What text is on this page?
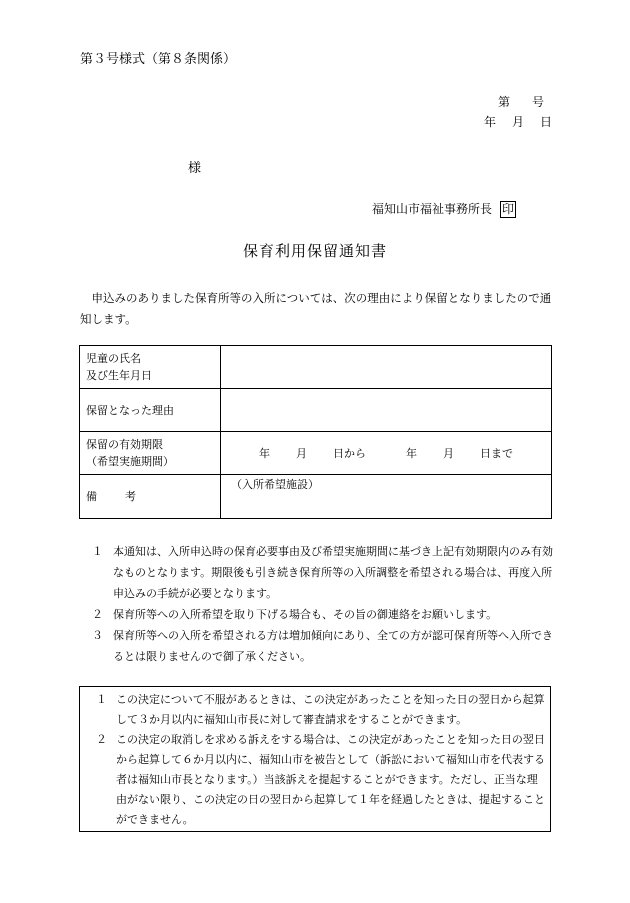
第３号様式（第８条関係）
第 号
年 月 日
様
福知山市福祉事務所長 印
保育利用保留通知書
申込みのありました保育所等の入所については、次の理由により保留となりましたので通知します。
児童の氏名
及び生年月日	

保留となった理由	

保留の有効期限
（希望実施期間）	年 月 日から 年 月 日まで
備考	（入所希望施設）
１ 本通知は、入所申込時の保育必要事由及び希望実施期間に基づき上記有効期限内のみ有効なものとなります。期限後も引き続き保育所等の入所調整を希望される場合は、再度入所申込みの手続が必要となります。
２ 保育所等への入所希望を取り下げる場合も、その旨の御連絡をお願いします。
３ 保育所等への入所を希望される方は増加傾向にあり、全ての方が認可保育所等へ入所できるとは限りませんので御了承ください。
１ この決定について不服があるときは、この決定があったことを知った日の翌日から起算して３か月以内に福知山市長に対して審査請求をすることができます。
２ この決定の取消しを求める訴えをする場合は、この決定があったことを知った日の翌日から起算して６か月以内に、福知山市を被告として（訴訟において福知山市を代表する者は福知山市長となります。）当該訴えを提起することができます。ただし、正当な理由がない限り、この決定の日の翌日から起算して１年を経過したときは、提起することができません。
